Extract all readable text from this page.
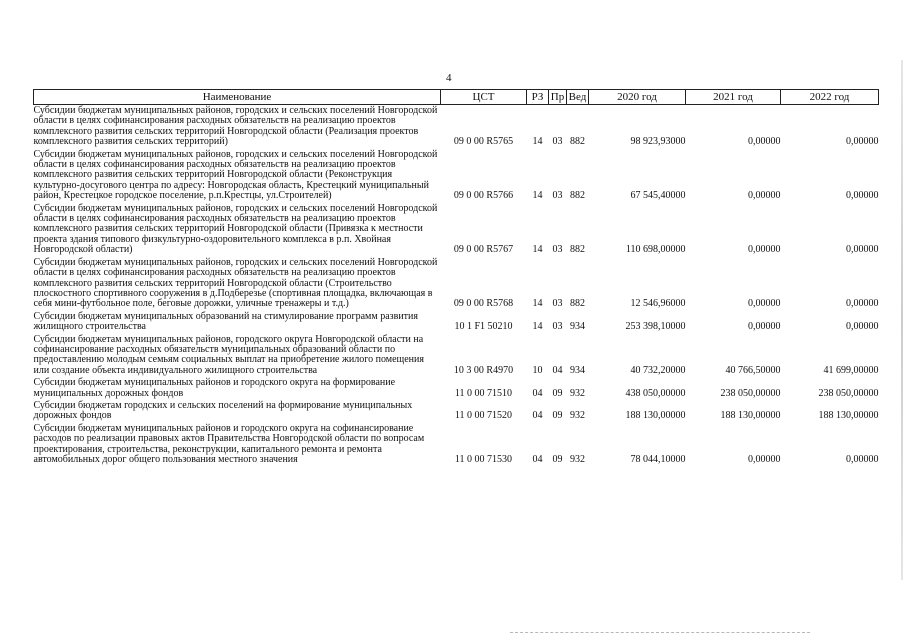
4
Наименование	ЦСТ	РЗ	Пр	Вед	2020 год	2021 год	2022 год
Субсидии бюджетам муниципальных районов, городских и сельских поселений Новгородской области в целях софинансирования расходных обязательств на реализацию проектов комплексного развития сельских территорий Новгородской области (Реализация проектов комплексного развития сельских территорий)	09 0 00 R5765	14	03	882	98 923,93000	0,00000	0,00000
Субсидии бюджетам муниципальных районов, городских и сельских поселений Новгородской области в целях софинансирования расходных обязательств на реализацию проектов комплексного развития сельских территорий Новгородской области (Реконструкция культурно-досугового центра по адресу: Новгородская область, Крестецкий муниципальный район, Крестецкое городское поселение, р.п.Крестцы, ул.Строителей)	09 0 00 R5766	14	03	882	67 545,40000	0,00000	0,00000
Субсидии бюджетам муниципальных районов, городских и сельских поселений Новгородской области в целях софинансирования расходных обязательств на реализацию проектов комплексного развития сельских территорий Новгородской области (Привязка к местности проекта здания типового физкультурно-оздоровительного комплекса в р.п. Хвойная Новгородской области)	09 0 00 R5767	14	03	882	110 698,00000	0,00000	0,00000
Субсидии бюджетам муниципальных районов, городских и сельских поселений Новгородской области в целях софинансирования расходных обязательств на реализацию проектов комплексного развития сельских территорий Новгородской области (Строительство плоскостного спортивного сооружения в д.Подберезье (спортивная площадка, включающая в себя мини-футбольное поле, беговые дорожки, уличные тренажеры и т.д.)	09 0 00 R5768	14	03	882	12 546,96000	0,00000	0,00000
Субсидии бюджетам муниципальных образований на стимулирование программ развития жилищного строительства	10 1 F1 50210	14	03	934	253 398,10000	0,00000	0,00000
Субсидии бюджетам муниципальных районов, городского округа Новгородской области на софинансирование расходных обязательств муниципальных образований области по предоставлению молодым семьям социальных выплат на приобретение жилого помещения или создание объекта индивидуального жилищного строительства	10 3 00 R4970	10	04	934	40 732,20000	40 766,50000	41 699,00000
Субсидии бюджетам муниципальных районов и городского округа на формирование муниципальных дорожных фондов	11 0 00 71510	04	09	932	438 050,00000	238 050,00000	238 050,00000
Субсидии бюджетам городских и сельских поселений на формирование муниципальных дорожных фондов	11 0 00 71520	04	09	932	188 130,00000	188 130,00000	188 130,00000
Субсидии бюджетам муниципальных районов и городского округа на софинансирование расходов по реализации правовых актов Правительства Новгородской области по вопросам проектирования, строительства, реконструкции, капитального ремонта и ремонта автомобильных дорог общего пользования местного значения	11 0 00 71530	04	09	932	78 044,10000	0,00000	0,00000
